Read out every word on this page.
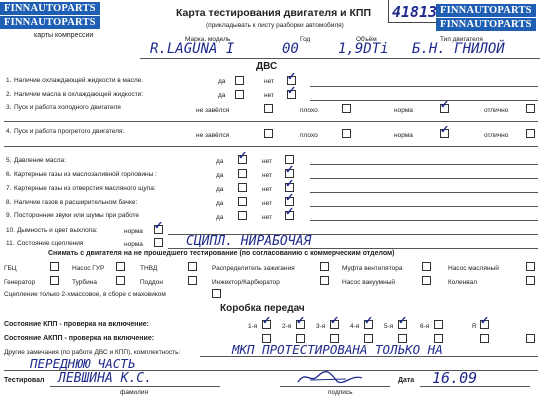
FINNAUTOPARTS
FINNAUTOPARTS
FINNAUTOPARTS
FINNAUTOPARTS
карты компрессии
Карта тестирования двигателя и КПП
(прикладывать к листу разборки автомобиля)
41813
Марка, модель	Год	Объём	Тип двигателя
R.LAGUNA I	00	1,9DTi Б.Н. ГНИЛОЙ
ДВС
1. Наличие охлаждающей жидкости в масле.	да	нет ✓
2. Наличие масла в охлаждающей жидкости:	да	нет ✓
3. Пуск и работа холодного двигателя	не завёлся	плохо	норма ✓	отлично
4. Пуск и работа прогретого двигателя:
не завёлся	плохо	норма ✓	отлично
5. Давление масла:	да ✓ нет
6. Картерные газы из маслозаливной горловины :	да	нет ✓
7. Картерные газы из отверстия масляного щупа:	да	нет ✓
8. Наличие газов в расширительном бачке:	да	нет ✓
9. Посторонние звуки или шумы при работе	да	нет ✓
10. Дымность и цвет выхлопа:	норма ✓
11. Состояние сцепления	норма	СЦИПЛ. НИРАБОЧАЯ
Снимать с двигателя на не прошедшего тестирование (по согласованию с коммерческим отделом)
ГБЦ	Насос ГУР	ТНВД	Распределитель зажигания	Муфта вентилятора	Насос масляный
Генератор	Турбина	Поддон	Инжектор/Карбюратор	Насос вакуумный	Коленвал
Сцепление только 2-хмассовое, в сборе с маховиком
Коробка передач
Состояние КПП - проверка на включение:	1-я ✓ 2-я ✓ 3-я ✓ 4-я ✓ 5-я ✓ 6-я	R ✓
Состояние АКПП - проверка на включение:
Другие замечания (по работе ДВС и КПП), комплектность:	МКП ПРОТЕСТИРОВАНА ТОЛЬКО НА
ПЕРЕДНЮЮ ЧАСТЬ
Тестировал ЛЕВШИНА К.С.
фамилия	подпись
Дата 16.09
